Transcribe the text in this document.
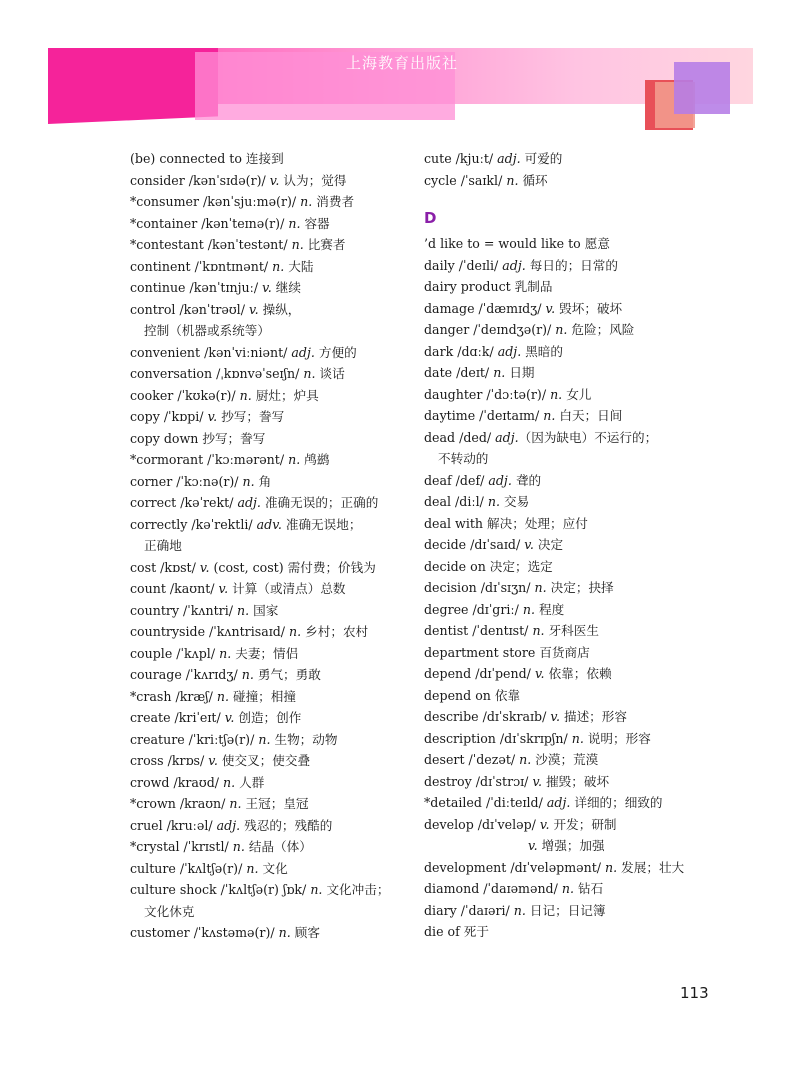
上海教育出版社
(be) connected to 连接到
consider /kənˈsɪdə(r)/ v. 认为；觉得
*consumer /kənˈsjuːmə(r)/ n. 消费者
*container /kənˈteɪnə(r)/ n. 容器
*contestant /kənˈtestənt/ n. 比赛者
continent /ˈkɒntɪnənt/ n. 大陆
continue /kənˈtɪnjuː/ v. 继续
control /kənˈtrəʊl/ v. 操纵，
控制（机器或系统等）
convenient /kənˈviːniənt/ adj. 方便的
conversation /ˌkɒnvəˈseɪʃn/ n. 谈话
cooker /ˈkʊkə(r)/ n. 厨灶；炉具
copy /ˈkɒpi/ v. 抄写；誊写
copy down 抄写；誊写
*cormorant /ˈkɔːmərənt/ n. 鸬鹚
corner /ˈkɔːnə(r)/ n. 角
correct /kəˈrekt/ adj. 准确无误的；正确的
correctly /kəˈrektli/ adv. 准确无误地；
正确地
cost /kɒst/ v. (cost, cost) 需付费；价钱为
count /kaʊnt/ v. 计算（或清点）总数
country /ˈkʌntri/ n. 国家
countryside /ˈkʌntrisaɪd/ n. 乡村；农村
couple /ˈkʌpl/ n. 夫妻；情侣
courage /ˈkʌrɪdʒ/ n. 勇气；勇敢
*crash /kræʃ/ n. 碰撞；相撞
create /kriˈeɪt/ v. 创造；创作
creature /ˈkriːtʃə(r)/ n. 生物；动物
cross /krɒs/ v. 使交叉；使交叠
crowd /kraʊd/ n. 人群
*crown /kraʊn/ n. 王冠；皇冠
cruel /kruːəl/ adj. 残忍的；残酷的
*crystal /ˈkrɪstl/ n. 结晶（体）
culture /ˈkʌltʃə(r)/ n. 文化
culture shock /ˈkʌltʃə(r) ʃɒk/ n. 文化冲击；
文化休克
customer /ˈkʌstəmə(r)/ n. 顾客
cute /kjuːt/ adj. 可爱的
cycle /ˈsaɪkl/ n. 循环
D
’d like to = would like to 愿意
daily /ˈdeɪli/ adj. 每日的；日常的
dairy product 乳制品
damage /ˈdæmɪdʒ/ v. 毁坏；破坏
danger /ˈdeɪndʒə(r)/ n. 危险；风险
dark /dɑːk/ adj. 黑暗的
date /deɪt/ n. 日期
daughter /ˈdɔːtə(r)/ n. 女儿
daytime /ˈdeɪtaɪm/ n. 白天；日间
dead /ded/ adj.（因为缺电）不运行的；
不转动的
deaf /def/ adj. 聋的
deal /diːl/ n. 交易
deal with 解决；处理；应付
decide /dɪˈsaɪd/ v. 决定
decide on 决定；选定
decision /dɪˈsɪʒn/ n. 决定；抉择
degree /dɪˈgriː/ n. 程度
dentist /ˈdentɪst/ n. 牙科医生
department store 百货商店
depend /dɪˈpend/ v. 依靠；依赖
depend on 依靠
describe /dɪˈskraɪb/ v. 描述；形容
description /dɪˈskrɪpʃn/ n. 说明；形容
desert /ˈdezət/ n. 沙漠；荒漠
destroy /dɪˈstrɔɪ/ v. 摧毁；破坏
*detailed /ˈdiːteɪld/ adj. 详细的；细致的
develop /dɪˈveləp/ v. 开发；研制
v. 增强；加强
development /dɪˈveləpmənt/ n. 发展；壮大
diamond /ˈdaɪəmənd/ n. 钻石
diary /ˈdaɪəri/ n. 日记；日记簿
die of 死于
113
